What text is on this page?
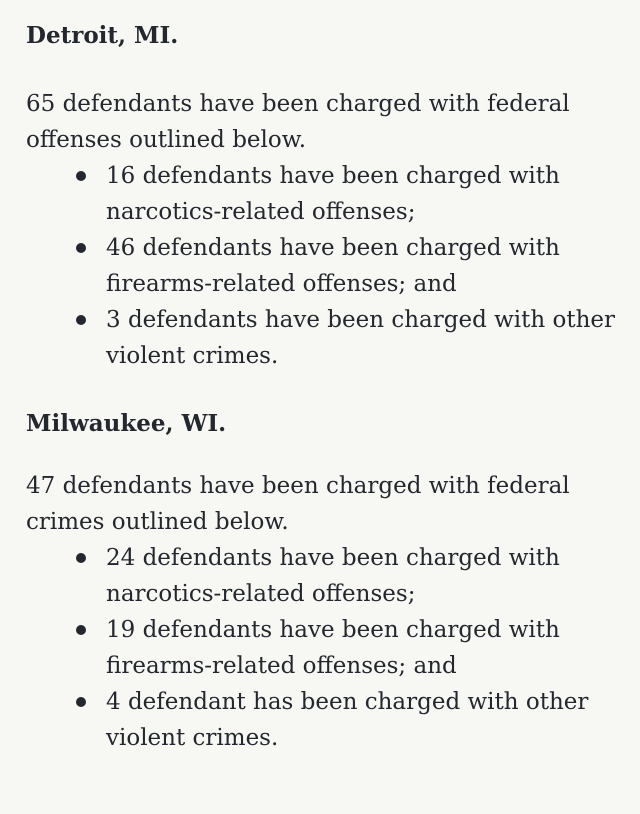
Detroit, MI.

65 defendants have been charged with federal offenses outlined below.

16 defendants have been charged with narcotics-related offenses;
46 defendants have been charged with firearms-related offenses; and
3 defendants have been charged with other violent crimes.
Milwaukee, WI.

47 defendants have been charged with federal crimes outlined below.

24 defendants have been charged with narcotics-related offenses;
19 defendants have been charged with firearms-related offenses; and
4 defendant has been charged with other violent crimes.
